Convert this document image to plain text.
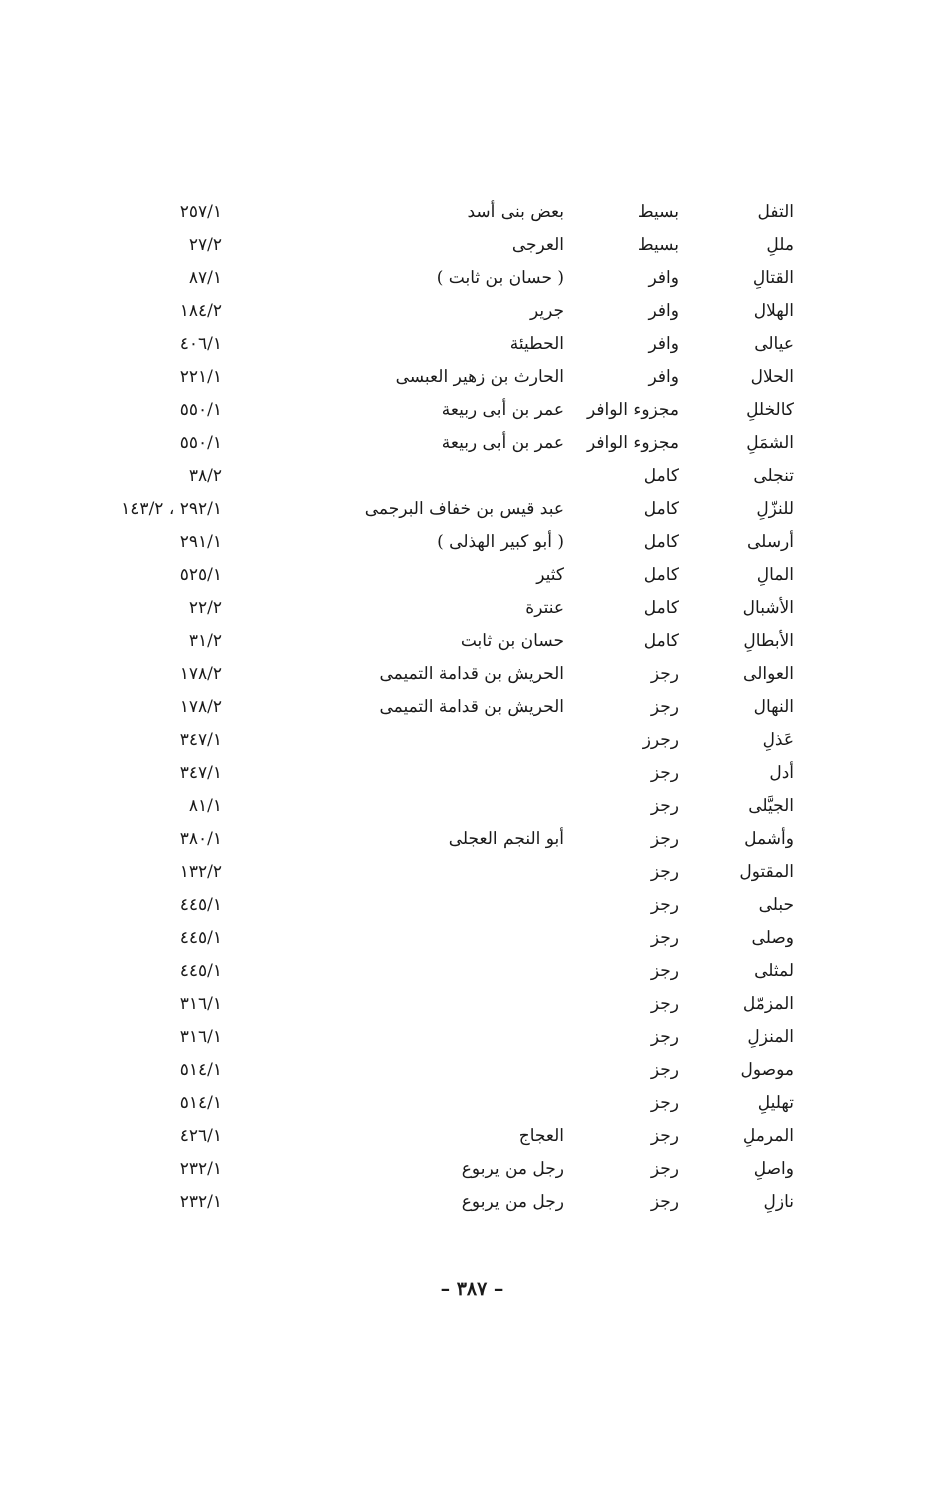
التفل
بسيط
بعض بنى أسد
٢٥٧/١
مللِ
بسيط
العرجى
٢٧/٢
القتالِ
وافر
( حسان بن ثابت )
٨٧/١
الهلال
وافر
جرير
١٨٤/٢
عيالى
وافر
الحطيئة
٤٠٦/١
الحلال
وافر
الحارث بن زهير العبسى
٢٢١/١
كالخللِ
مجزوء الوافر
عمر بن أبى ربيعة
٥٥٠/١
الشمَلِ
مجزوء الوافر
عمر بن أبى ربيعة
٥٥٠/١
تنجلى
كامل
٣٨/٢
للنزّلِ
كامل
عبد قيس بن خفاف البرجمى
٢٩٢/١ ، ١٤٣/٢
أرسلى
كامل
( أبو كبير الهذلى )
٢٩١/١
المالِ
كامل
كثير
٥٢٥/١
الأشبال
كامل
عنترة
٢٢/٢
الأبطالِ
كامل
حسان بن ثابت
٣١/٢
العوالى
رجز
الحريش بن قدامة التميمى
١٧٨/٢
النهال
رجز
الحريش بن قدامة التميمى
١٧٨/٢
عَذلِ
رجرز
٣٤٧/١
أدل
رجز
٣٤٧/١
الجيَّلى
رجز
٨١/١
وأشمل
رجز
أبو النجم العجلى
٣٨٠/١
المقتول
رجز
١٣٢/٢
حبلى
رجز
٤٤٥/١
وصلى
رجز
٤٤٥/١
لمثلى
رجز
٤٤٥/١
المزمّل
رجز
٣١٦/١
المنزلِ
رجز
٣١٦/١
موصول
رجز
٥١٤/١
تهليلِ
رجز
٥١٤/١
المرملِ
رجز
العجاج
٤٢٦/١
واصلِ
رجز
رجل من يربوع
٢٣٢/١
نازلِ
رجز
رجل من يربوع
٢٣٢/١
– ٣٨٧ –
